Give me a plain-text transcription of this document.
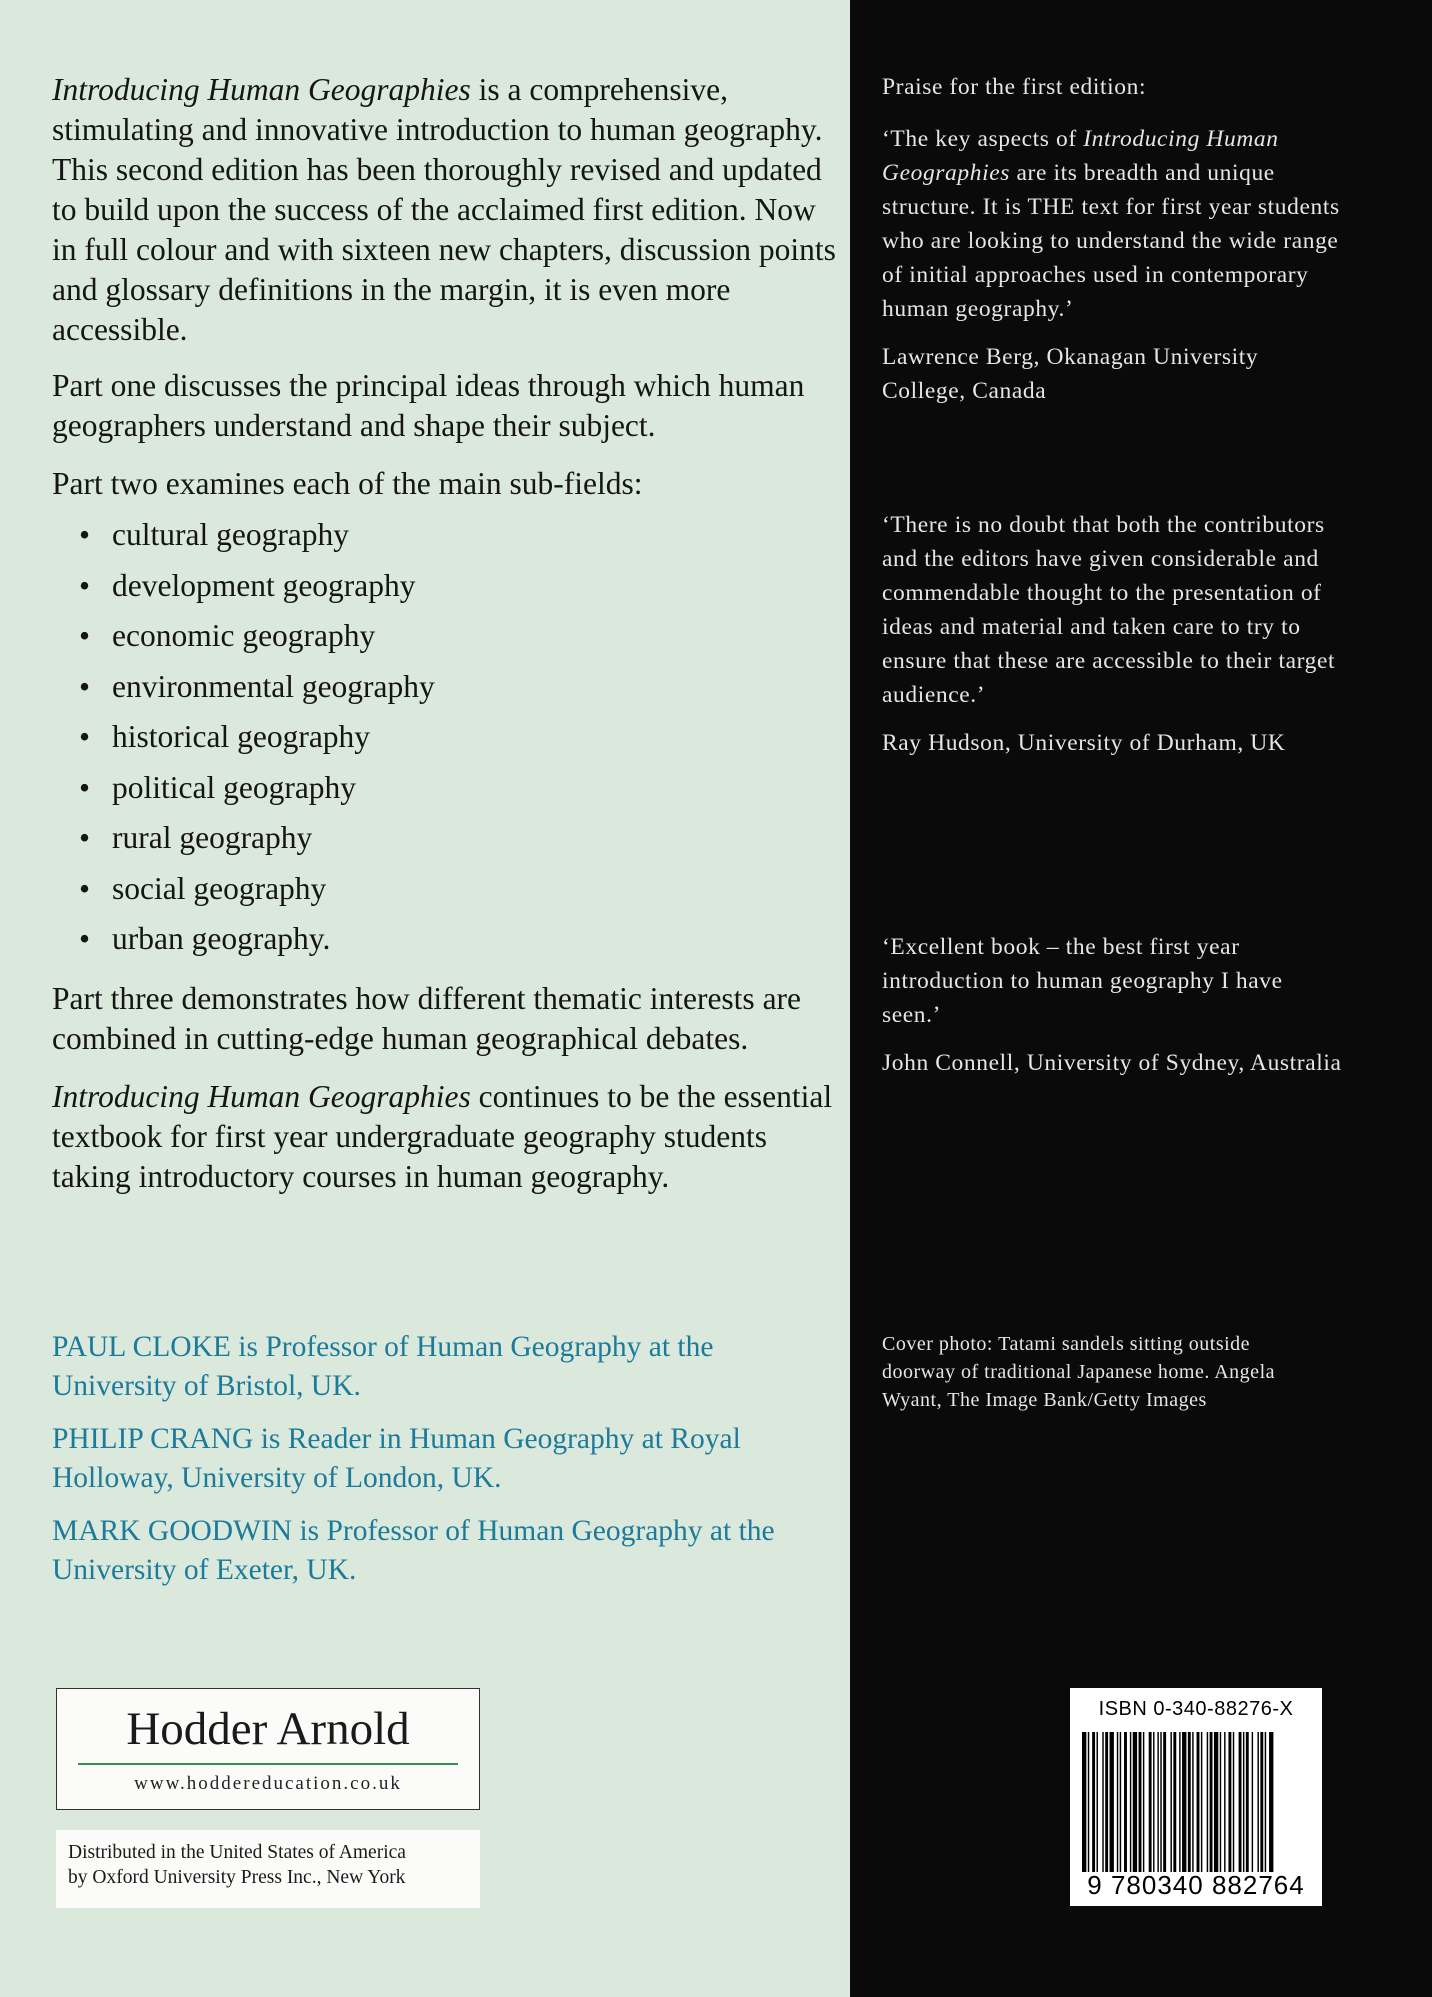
Introducing Human Geographies is a comprehensive, stimulating and innovative introduction to human geography. This second edition has been thoroughly revised and updated to build upon the success of the acclaimed first edition. Now in full colour and with sixteen new chapters, discussion points and glossary definitions in the margin, it is even more accessible.

Part one discusses the principal ideas through which human geographers understand and shape their subject.

Part two examines each of the main sub-fields:

• cultural geography
• development geography
• economic geography
• environmental geography
• historical geography
• political geography
• rural geography
• social geography
• urban geography.

Part three demonstrates how different thematic interests are combined in cutting-edge human geographical debates.

Introducing Human Geographies continues to be the essential textbook for first year undergraduate geography students taking introductory courses in human geography.

PAUL CLOKE is Professor of Human Geography at the University of Bristol, UK.

PHILIP CRANG is Reader in Human Geography at Royal Holloway, University of London, UK.

MARK GOODWIN is Professor of Human Geography at the University of Exeter, UK.

Hodder Arnold
www.hoddereducation.co.uk
Distributed in the United States of America
by Oxford University Press Inc., New York

Praise for the first edition:

‘The key aspects of Introducing Human Geographies are its breadth and unique structure. It is THE text for first year students who are looking to understand the wide range of initial approaches used in contemporary human geography.’

Lawrence Berg, Okanagan University College, Canada

‘There is no doubt that both the contributors and the editors have given considerable and commendable thought to the presentation of ideas and material and taken care to try to ensure that these are accessible to their target audience.’

Ray Hudson, University of Durham, UK

‘Excellent book – the best first year introduction to human geography I have seen.’

John Connell, University of Sydney, Australia

Cover photo: Tatami sandels sitting outside doorway of traditional Japanese home. Angela Wyant, The Image Bank/Getty Images
ISBN 0-340-88276-X
9 780340 882764
